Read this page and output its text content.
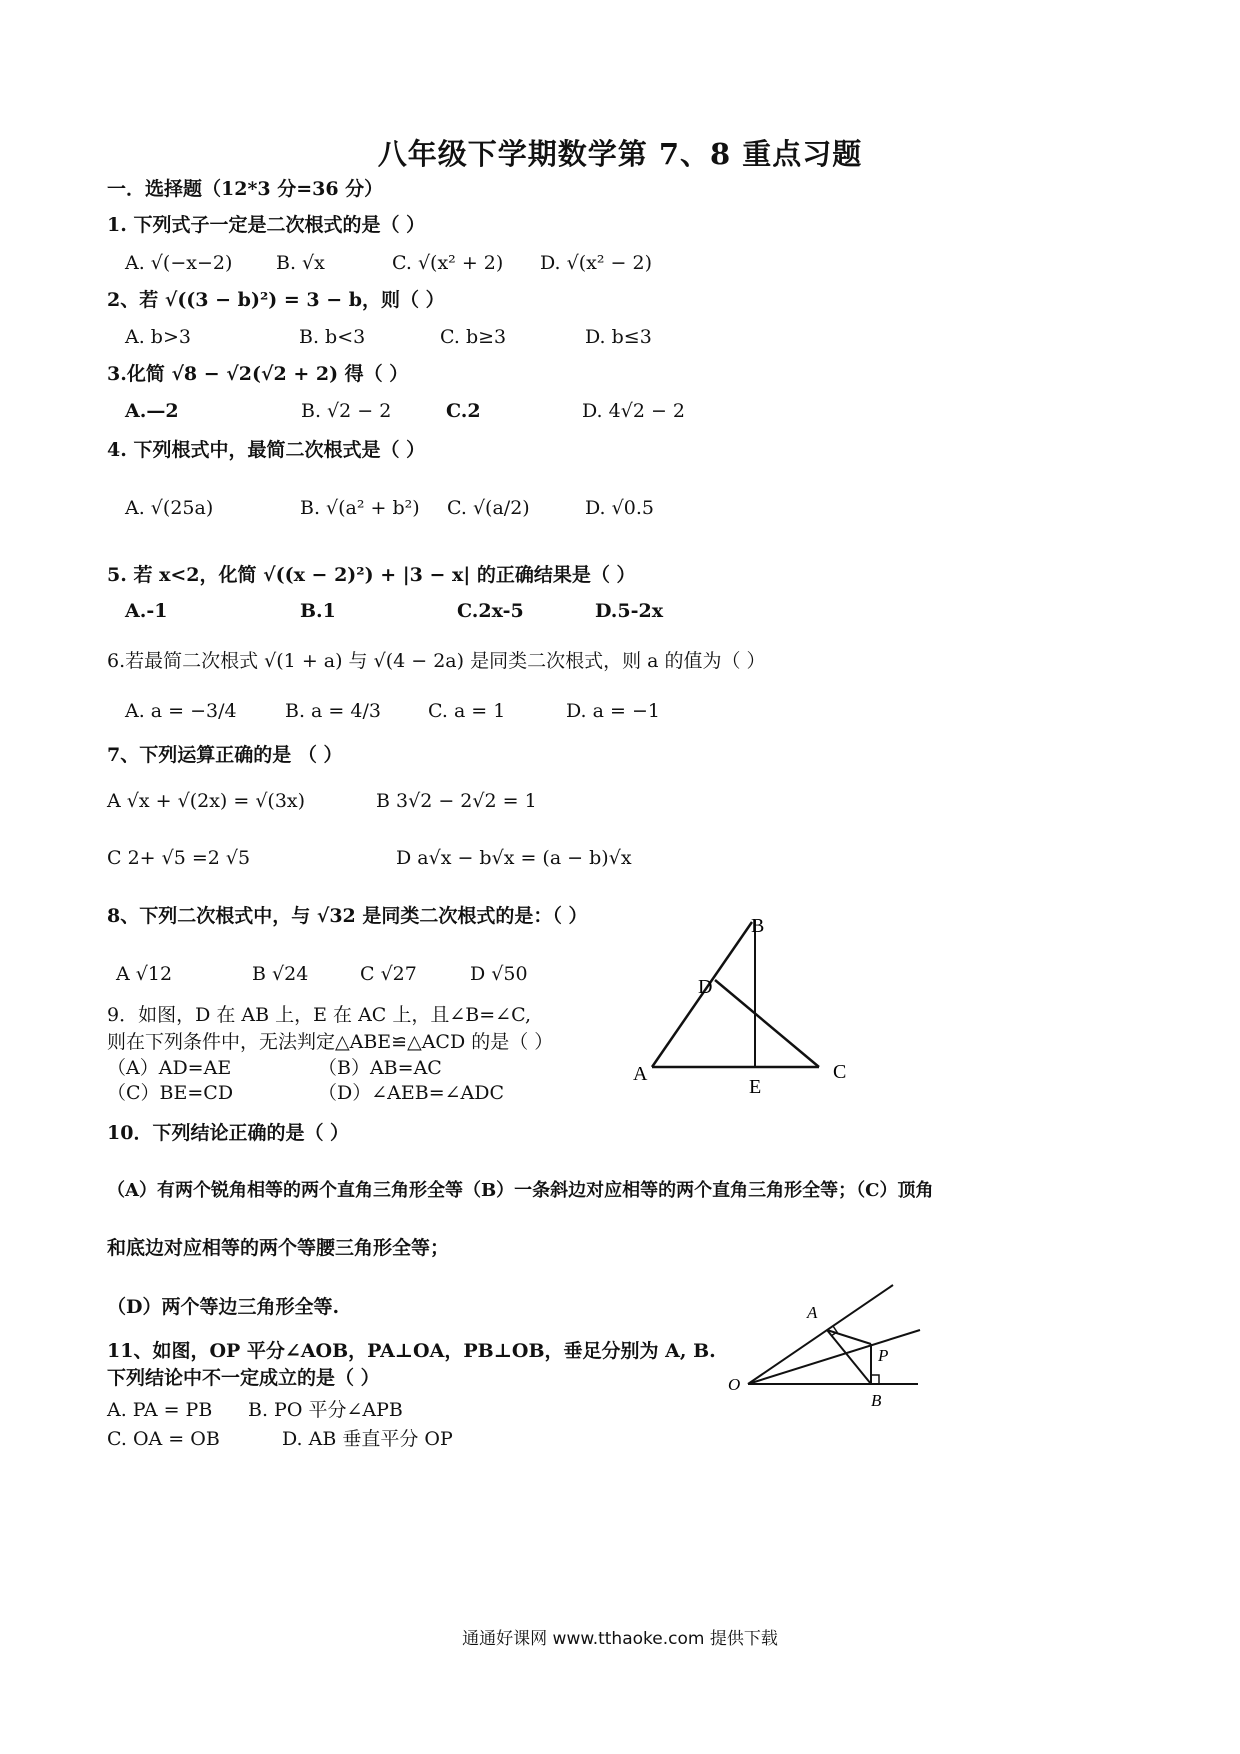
八年级下学期数学第 7、8 重点习题
一．选择题（12*3 分=36 分）
1. 下列式子一定是二次根式的是（ ）
A. √(−x−2) B. √x	C. √(x² + 2) D. √(x² − 2)
2、若 √((3 − b)²) = 3 − b，则（ ）
A. b>3	B. b<3	C. b≥3	D. b≤3
3.化简 √8 − √2(√2 + 2) 得（ ）
A.—2	B. √2 − 2	C.2	D. 4√2 − 2
4. 下列根式中，最简二次根式是（ ）
A. √(25a)	B. √(a² + b²) C. √(a/2)	D. √0.5
5. 若 x<2，化简 √((x − 2)²) + |3 − x| 的正确结果是（ ）
A.-1	B.1	C.2x-5	D.5-2x
6.若最简二次根式 √(1 + a) 与 √(4 − 2a) 是同类二次根式，则 a 的值为（ ）
A. a = −3/4	B. a = 4/3 C. a = 1	D. a = −1
7、下列运算正确的是 （ ）
A √x + √(2x) = √(3x)	B 3√2 − 2√2 = 1
C 2+ √5 =2 √5	D a√x − b√x = (a − b)√x
8、下列二次根式中，与 √32 是同类二次根式的是：（ ）
A √12	B √24	C √27	D √50
9．如图，D 在 AB 上，E 在 AC 上，且∠B=∠C,
则在下列条件中，无法判定△ABE≌△ACD 的是（ ）
（A）AD=AE	（B）AB=AC
（C）BE=CD	（D）∠AEB=∠ADC
B
D
A
E
C
10．下列结论正确的是（ ）
（A）有两个锐角相等的两个直角三角形全等（B）一条斜边对应相等的两个直角三角形全等；（C）顶角
和底边对应相等的两个等腰三角形全等；
（D）两个等边三角形全等.
11、如图，OP 平分∠AOB，PA⊥OA，PB⊥OB，垂足分别为 A, B.
下列结论中不一定成立的是（ ）
A. PA = PB B. PO 平分∠APB
C. OA = OB	D. AB 垂直平分 OP
A
P
O
B
通通好课网 www.tthaoke.com 提供下载
